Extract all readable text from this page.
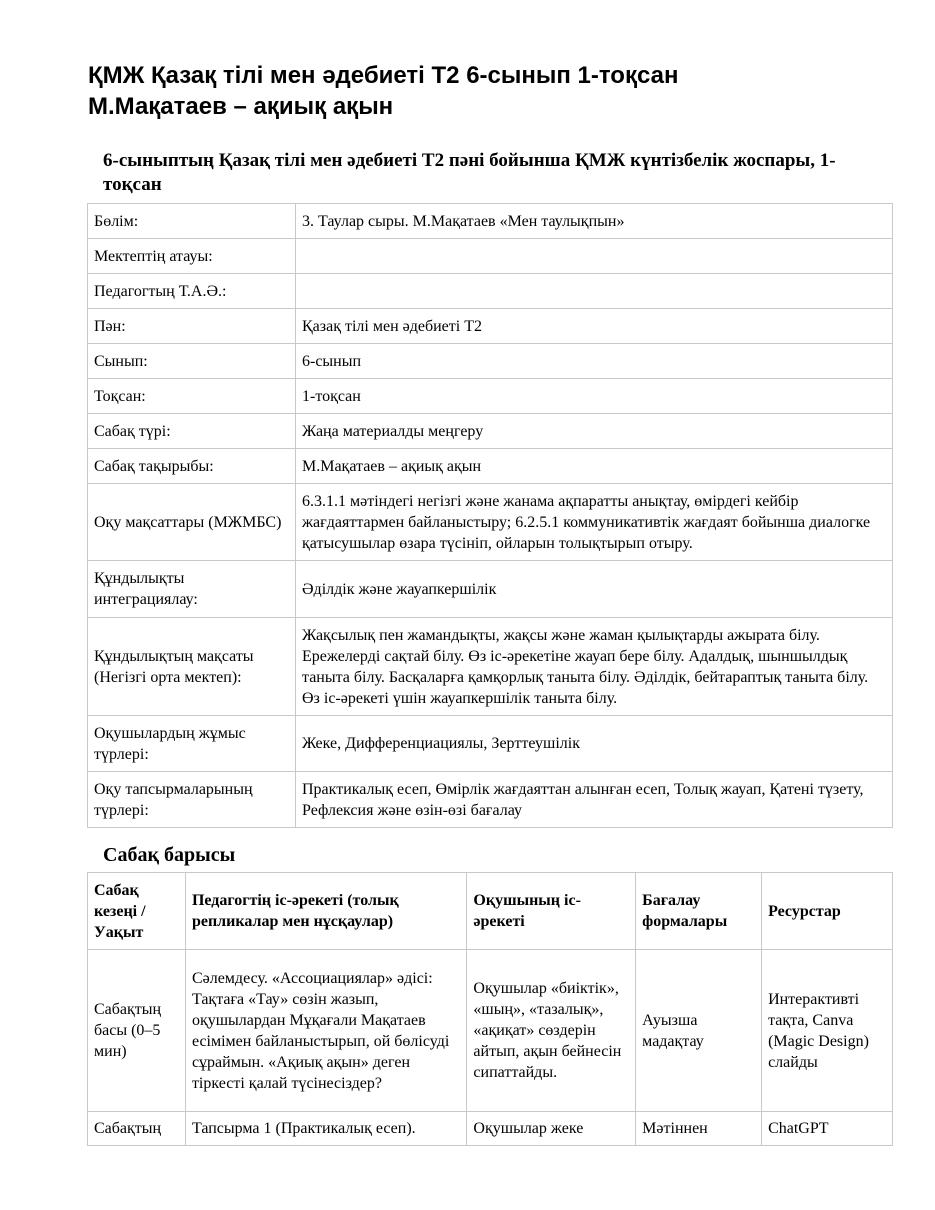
ҚМЖ Қазақ тілі мен әдебиеті Т2 6-сынып 1-тоқсан
М.Мақатаев – ақиық ақын
6-сыныптың Қазақ тілі мен әдебиеті Т2 пәні бойынша ҚМЖ күнтізбелік жоспары, 1-тоқсан
Бөлім:	3. Таулар сыры. М.Мақатаев «Мен таулықпын»
Мектептің атауы:	
Педагогтың Т.А.Ә.:	
Пән:	Қазақ тілі мен әдебиеті Т2
Сынып:	6-сынып
Тоқсан:	1-тоқсан
Сабақ түрі:	Жаңа материалды меңгеру
Сабақ тақырыбы:	М.Мақатаев – ақиық ақын
Оқу мақсаттары (МЖМБС)	6.3.1.1 мәтіндегі негізгі және жанама ақпаратты анықтау, өмірдегі кейбір жағдаяттармен байланыстыру; 6.2.5.1 коммуникативтік жағдаят бойынша диалогке қатысушылар өзара түсініп, ойларын толықтырып отыру.
Құндылықты интеграциялау:	Әділдік және жауапкершілік
Құндылықтың мақсаты (Негізгі орта мектеп):	Жақсылық пен жамандықты, жақсы және жаман қылықтарды ажырата білу. Ережелерді сақтай білу. Өз іс-әрекетіне жауап бере білу. Адалдық, шыншылдық таныта білу. Басқаларға қамқорлық таныта білу. Әділдік, бейтараптық таныта білу. Өз іс-әрекеті үшін жауапкершілік таныта білу.
Оқушылардың жұмыс түрлері:	Жеке, Дифференциациялы, Зерттеушілік
Оқу тапсырмаларының түрлері:	Практикалық есеп, Өмірлік жағдаяттан алынған есеп, Толық жауап, Қатені түзету, Рефлексия және өзін-өзі бағалау
Сабақ барысы
Сабақ кезеңі / Уақыт	Педагогтің іс-әрекеті (толық репликалар мен нұсқаулар)	Оқушының іс-әрекеті	Бағалау формалары	Ресурстар
Сабақтың басы (0–5 мин)	Сәлемдесу. «Ассоциациялар» әдісі: Тақтаға «Тау» сөзін жазып, оқушылардан Мұқағали Мақатаев есімімен байланыстырып, ой бөлісуді сұраймын. «Ақиық ақын» деген тіркесті қалай түсінесіздер?	Оқушылар «биіктік», «шың», «тазалық», «ақиқат» сөздерін айтып, ақын бейнесін сипаттайды.	Ауызша мадақтау	Интерактивті тақта, Canva (Magic Design) слайды
Сабақтың	Тапсырма 1 (Практикалық есеп).	Оқушылар жеке	Мәтіннен	ChatGPT
